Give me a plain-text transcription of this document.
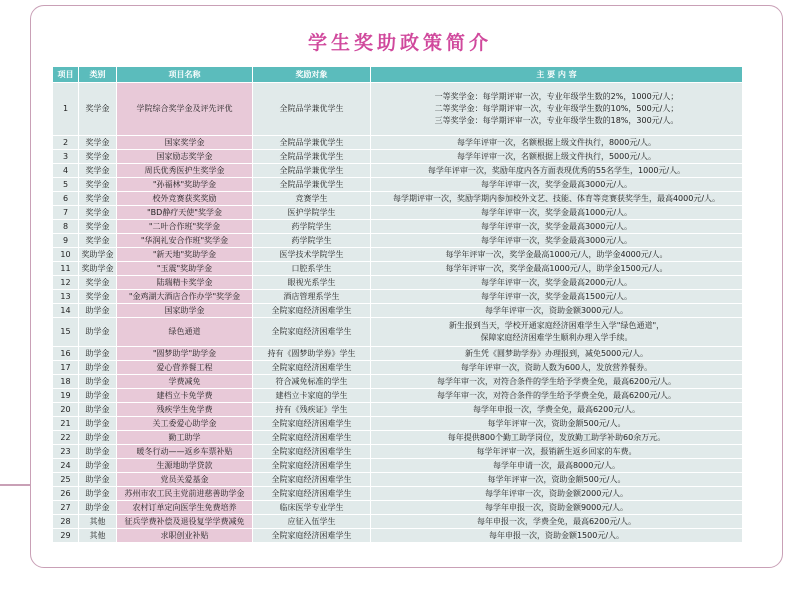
学生奖助政策简介
项目	类别	项目名称	奖励对象	主 要 内 容
1	奖学金	学院综合奖学金及评先评优	全院品学兼优学生	一等奖学金：每学期评审一次，专业年级学生数的2%，1000元/人；
二等奖学金：每学期评审一次，专业年级学生数的10%，500元/人；
三等奖学金：每学期评审一次，专业年级学生数的18%，300元/人。

2	奖学金	国家奖学金	全院品学兼优学生	每学年评审一次，名额根据上级文件执行，8000元/人。

3	奖学金	国家励志奖学金	全院品学兼优学生	每学年评审一次，名额根据上级文件执行，5000元/人。

4	奖学金	周氏优秀医护生奖学金	全院品学兼优学生	每学年评审一次，奖励年度内各方面表现优秀的55名学生，1000元/人。

5	奖学金	"孙福林"奖助学金	全院品学兼优学生	每学年评审一次，奖学金最高3000元/人。

6	奖学金	校外竞赛获奖奖励	竞赛学生	每学期评审一次，奖励学期内参加校外文艺、技能、体育等竞赛获奖学生，最高4000元/人。

7	奖学金	"BD静疗天使"奖学金	医护学院学生	每学年评审一次，奖学金最高1000元/人。

8	奖学金	"二叶合作班"奖学金	药学院学生	每学年评审一次，奖学金最高3000元/人。

9	奖学金	"华润礼安合作班"奖学金	药学院学生	每学年评审一次，奖学金最高3000元/人。

10	奖助学金	"新天地"奖助学金	医学技术学院学生	每学年评审一次，奖学金最高1000元/人，助学金4000元/人。

11	奖助学金	"玉震"奖助学金	口腔系学生	每学年评审一次，奖学金最高1000元/人，助学金1500元/人。

12	奖学金	陆瑞精卡奖学金	眼视光系学生	每学年评审一次，奖学金最高2000元/人。

13	奖学金	"金鸡湖大酒店合作办学"奖学金	酒店管理系学生	每学年评审一次，奖学金最高1500元/人。

14	助学金	国家助学金	全院家庭经济困难学生	每学年评审一次，资助金额3000元/人。

15	助学金	绿色通道	全院家庭经济困难学生	新生报到当天，学校开通家庭经济困难学生入学"绿色通道"，
保障家庭经济困难学生顺利办理入学手续。

16	助学金	"圆梦助学"助学金	持有《圆梦助学券》学生	新生凭《圆梦助学券》办理报到，减免5000元/人。

17	助学金	爱心营养餐工程	全院家庭经济困难学生	每学年评审一次，资助人数为600人，发放营养餐券。

18	助学金	学费减免	符合减免标准的学生	每学年审一次，对符合条件的学生给予学费全免，最高6200元/人。

19	助学金	建档立卡免学费	建档立卡家庭的学生	每学年审一次，对符合条件的学生给予学费全免，最高6200元/人。

20	助学金	残疾学生免学费	持有《残疾证》学生	每学年申报一次，学费全免，最高6200元/人。

21	助学金	关工委爱心助学金	全院家庭经济困难学生	每学年评审一次，资助金额500元/人。

22	助学金	勤工助学	全院家庭经济困难学生	每年提供800个勤工助学岗位，发放勤工助学补助60余万元。

23	助学金	暖冬行动——返乡车票补贴	全院家庭经济困难学生	每学年评审一次，报销新生返乡回家的车费。

24	助学金	生源地助学贷款	全院家庭经济困难学生	每学年申请一次，最高8000元/人。

25	助学金	党员关爱基金	全院家庭经济困难学生	每学年评审一次，资助金额500元/人。

26	助学金	苏州市农工民主党前进慈善助学金	全院家庭经济困难学生	每学年评审一次，资助金额2000元/人。

27	助学金	农村订单定向医学生免费培养	临床医学专业学生	每学年申报一次，资助金额9000元/人。

28	其他	征兵学费补偿及退役复学学费减免	应征入伍学生	每年申报一次，学费全免，最高6200元/人。

29	其他	求职创业补贴	全院家庭经济困难学生	每年申报一次，资助金额1500元/人。
